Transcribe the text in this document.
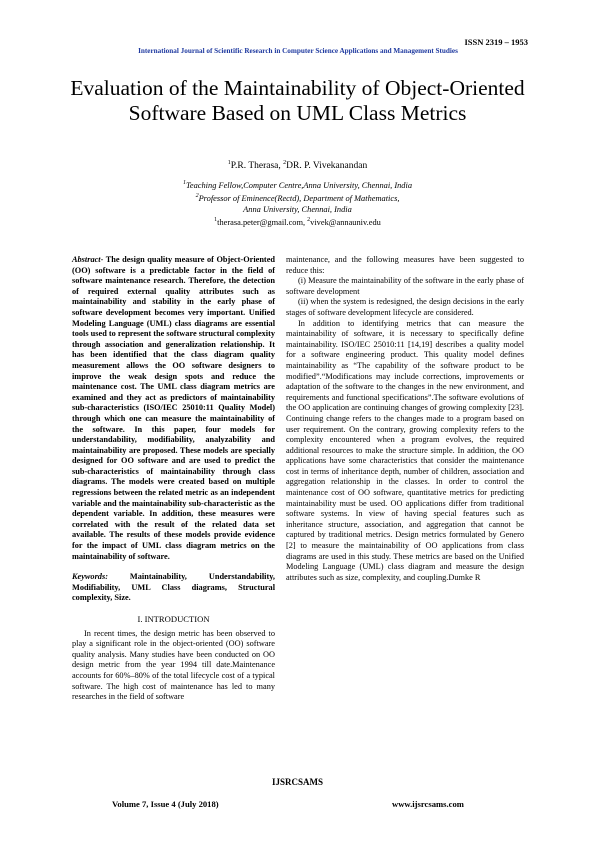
ISSN 2319 – 1953
International Journal of Scientific Research in Computer Science Applications and Management Studies
Evaluation of the Maintainability of Object-Oriented Software Based on UML Class Metrics
$^1$P.R. Therasa, $^2$DR. P. Vivekanandan
$^1$Teaching Fellow,Computer Centre,Anna University, Chennai, India
$^2$Professor of Eminence(Rectd), Department of Mathematics,
Anna University, Chennai, India
$^1$therasa.peter@gmail.com, $^2$vivek@annauniv.edu

Abstract- The design quality measure of Object-Oriented (OO) software is a predictable factor in the field of software maintenance research. Therefore, the detection of required external quality attributes such as maintainability and stability in the early phase of software development becomes very important. Unified Modeling Language (UML) class diagrams are essential tools used to represent the software structural complexity through association and generalization relationship. It has been identified that the class diagram quality measurement allows the OO software designers to improve the weak design spots and reduce the maintenance cost. The UML class diagram metrics are examined and they act as predictors of maintainability sub-characteristics (ISO/IEC 25010:11 Quality Model) through which one can measure the maintainability of the software. In this paper, four models for understandability, modifiability, analyzability and maintainability are proposed. These models are specially designed for OO software and are used to predict the sub-characteristics of maintainability through class diagrams. The models were created based on multiple regressions between the related metric as an independent variable and the maintainability sub-characteristic as the dependent variable. In addition, these measures were correlated with the result of the related data set available. The results of these models provide evidence for the impact of UML class diagram metrics on the maintainability of software.

Keywords: Maintainability, Understandability, Modifiability, UML Class diagrams, Structural complexity, Size.

I. INTRODUCTION

In recent times, the design metric has been observed to play a significant role in the object-oriented (OO) software quality analysis. Many studies have been conducted on OO design metric from the year 1994 till date.Maintenance accounts for 60%–80% of the total lifecycle cost of a typical software. The high cost of maintenance has led to many researches in the field of software

maintenance, and the following measures have been suggested to reduce this:

(i) Measure the maintainability of the software in the early phase of software development

(ii) when the system is redesigned, the design decisions in the early stages of software development lifecycle are considered.

In addition to identifying metrics that can measure the maintainability of software, it is necessary to specifically define maintainability. ISO/IEC 25010:11 [14,19] describes a quality model for a software engineering product. This quality model defines maintainability as “The capability of the software product to be modified”.“Modifications may include corrections, improvements or adaptation of the software to the changes in the new environment, and requirements and functional specifications”.The software evolutions of the OO application are continuing changes of growing complexity [23]. Continuing change refers to the changes made to a program based on user requirement. On the contrary, growing complexity refers to the complexity encountered when a program evolves, the required additional resources to make the structure simple. In addition, the OO applications have some characteristics that consider the maintenance cost in terms of inheritance depth, number of children, association and aggregation relationship in the classes. In order to control the maintenance cost of OO software, quantitative metrics for predicting maintainability must be used. OO applications differ from traditional software systems. In view of having special features such as inheritance structure, association, and aggregation that cannot be captured by traditional metrics. Design metrics formulated by Genero [2] to measure the maintainability of OO applications from class diagrams are used in this study. These metrics are based on the Unified Modeling Language (UML) class diagram and measure the design attributes such as size, complexity, and coupling.Dumke R

IJSRCSAMS
Volume 7, Issue 4 (July 2018)	www.ijsrcsams.com
